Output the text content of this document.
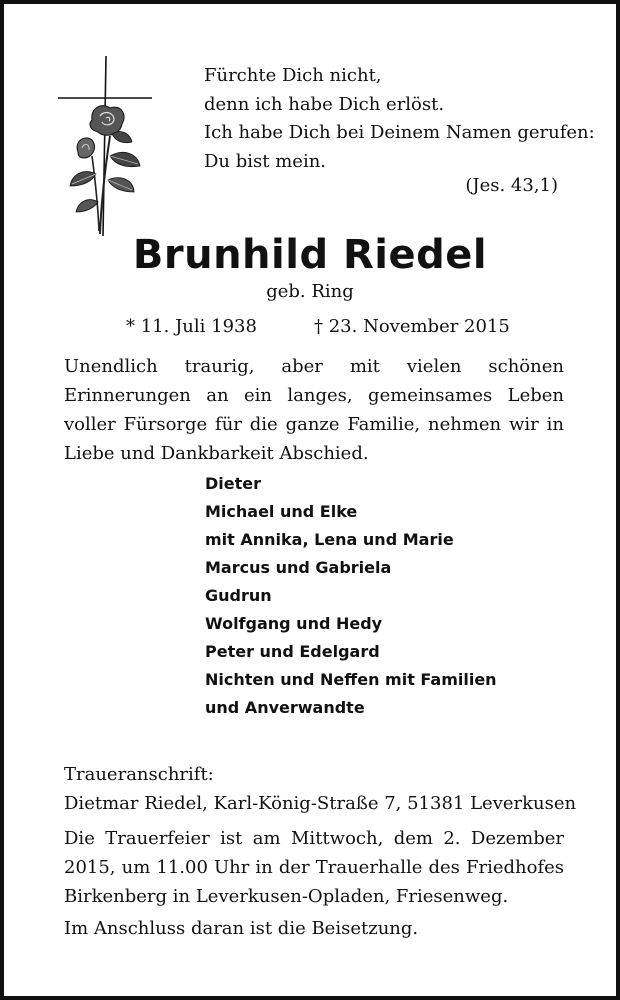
Fürchte Dich nicht,
denn ich habe Dich erlöst.
Ich habe Dich bei Deinem Namen gerufen:
Du bist mein.
(Jes. 43,1)
Brunhild Riedel
geb. Ring
* 11. Juli 1938	† 23. November 2015
Unendlich traurig, aber mit vielen schönen Erinnerungen an ein langes, gemeinsames Leben voller Fürsorge für die ganze Familie, nehmen wir in Liebe und Dankbarkeit Abschied.
Dieter
Michael und Elke
mit Annika, Lena und Marie
Marcus und Gabriela
Gudrun
Wolfgang und Hedy
Peter und Edelgard
Nichten und Neffen mit Familien
und Anverwandte
Traueranschrift:
Dietmar Riedel, Karl-König-Straße 7, 51381 Leverkusen
Die Trauerfeier ist am Mittwoch, dem 2. Dezember 2015, um 11.00 Uhr in der Trauerhalle des Friedhofes Birkenberg in Leverkusen-Opladen, Friesenweg.
Im Anschluss daran ist die Beisetzung.
